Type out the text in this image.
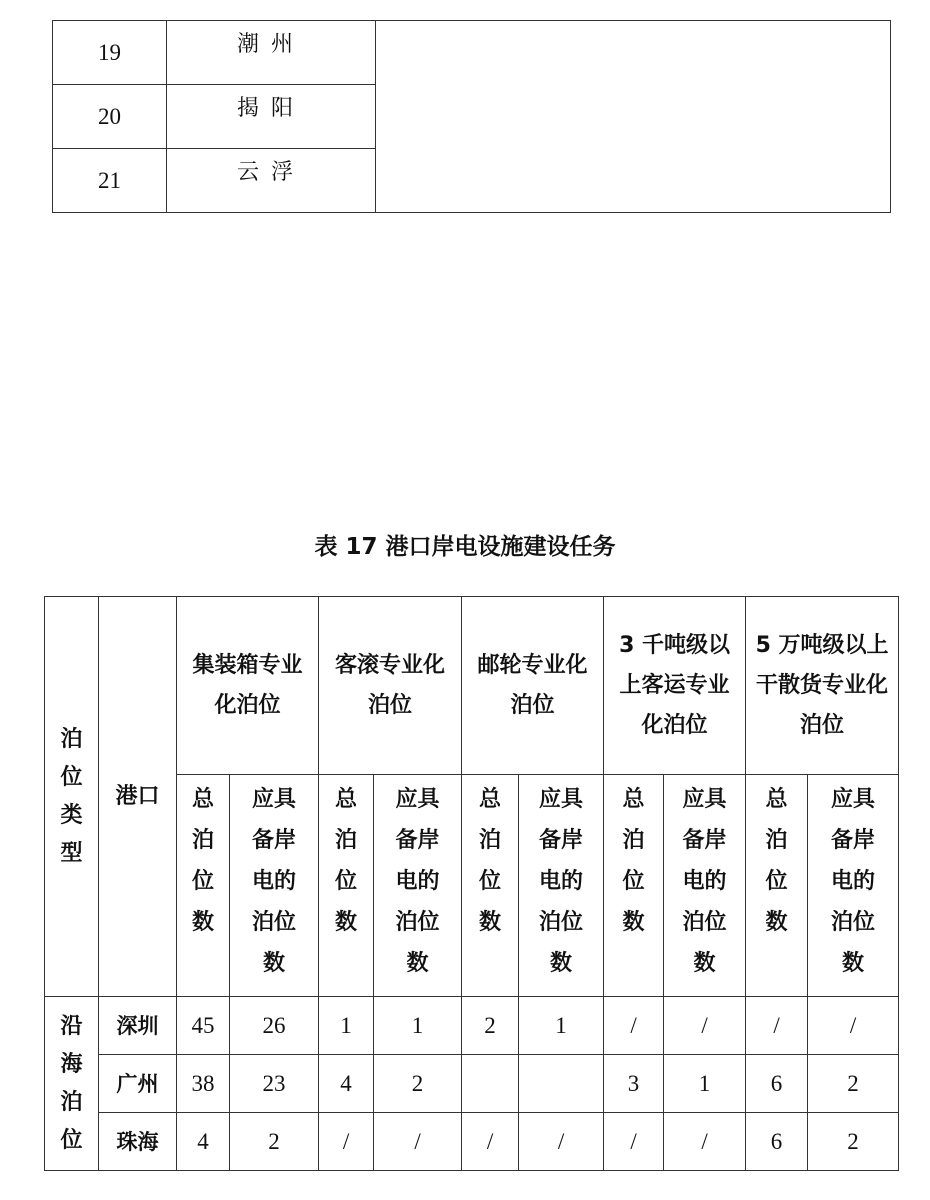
19	潮州	
20	揭阳	
21	云浮	
表 17 港口岸电设施建设任务
泊位类型	港口	集装箱专业化泊位		客滚专业化泊位		邮轮专业化泊位		3 千吨级以上客运专业化泊位		5 万吨级以上干散货专业化泊位	

		总泊位数	应具备岸电的泊位数	总泊位数	应具备岸电的泊位数	总泊位数	应具备岸电的泊位数	总泊位数	应具备岸电的泊位数	总泊位数	应具备岸电的泊位数

沿海泊位	深圳	45	26	1	1	2	1	/	/	/	/
	广州	38	23	4	2			3	1	6	2
	珠海	4	2	/	/	/	/	/	/	6	2
